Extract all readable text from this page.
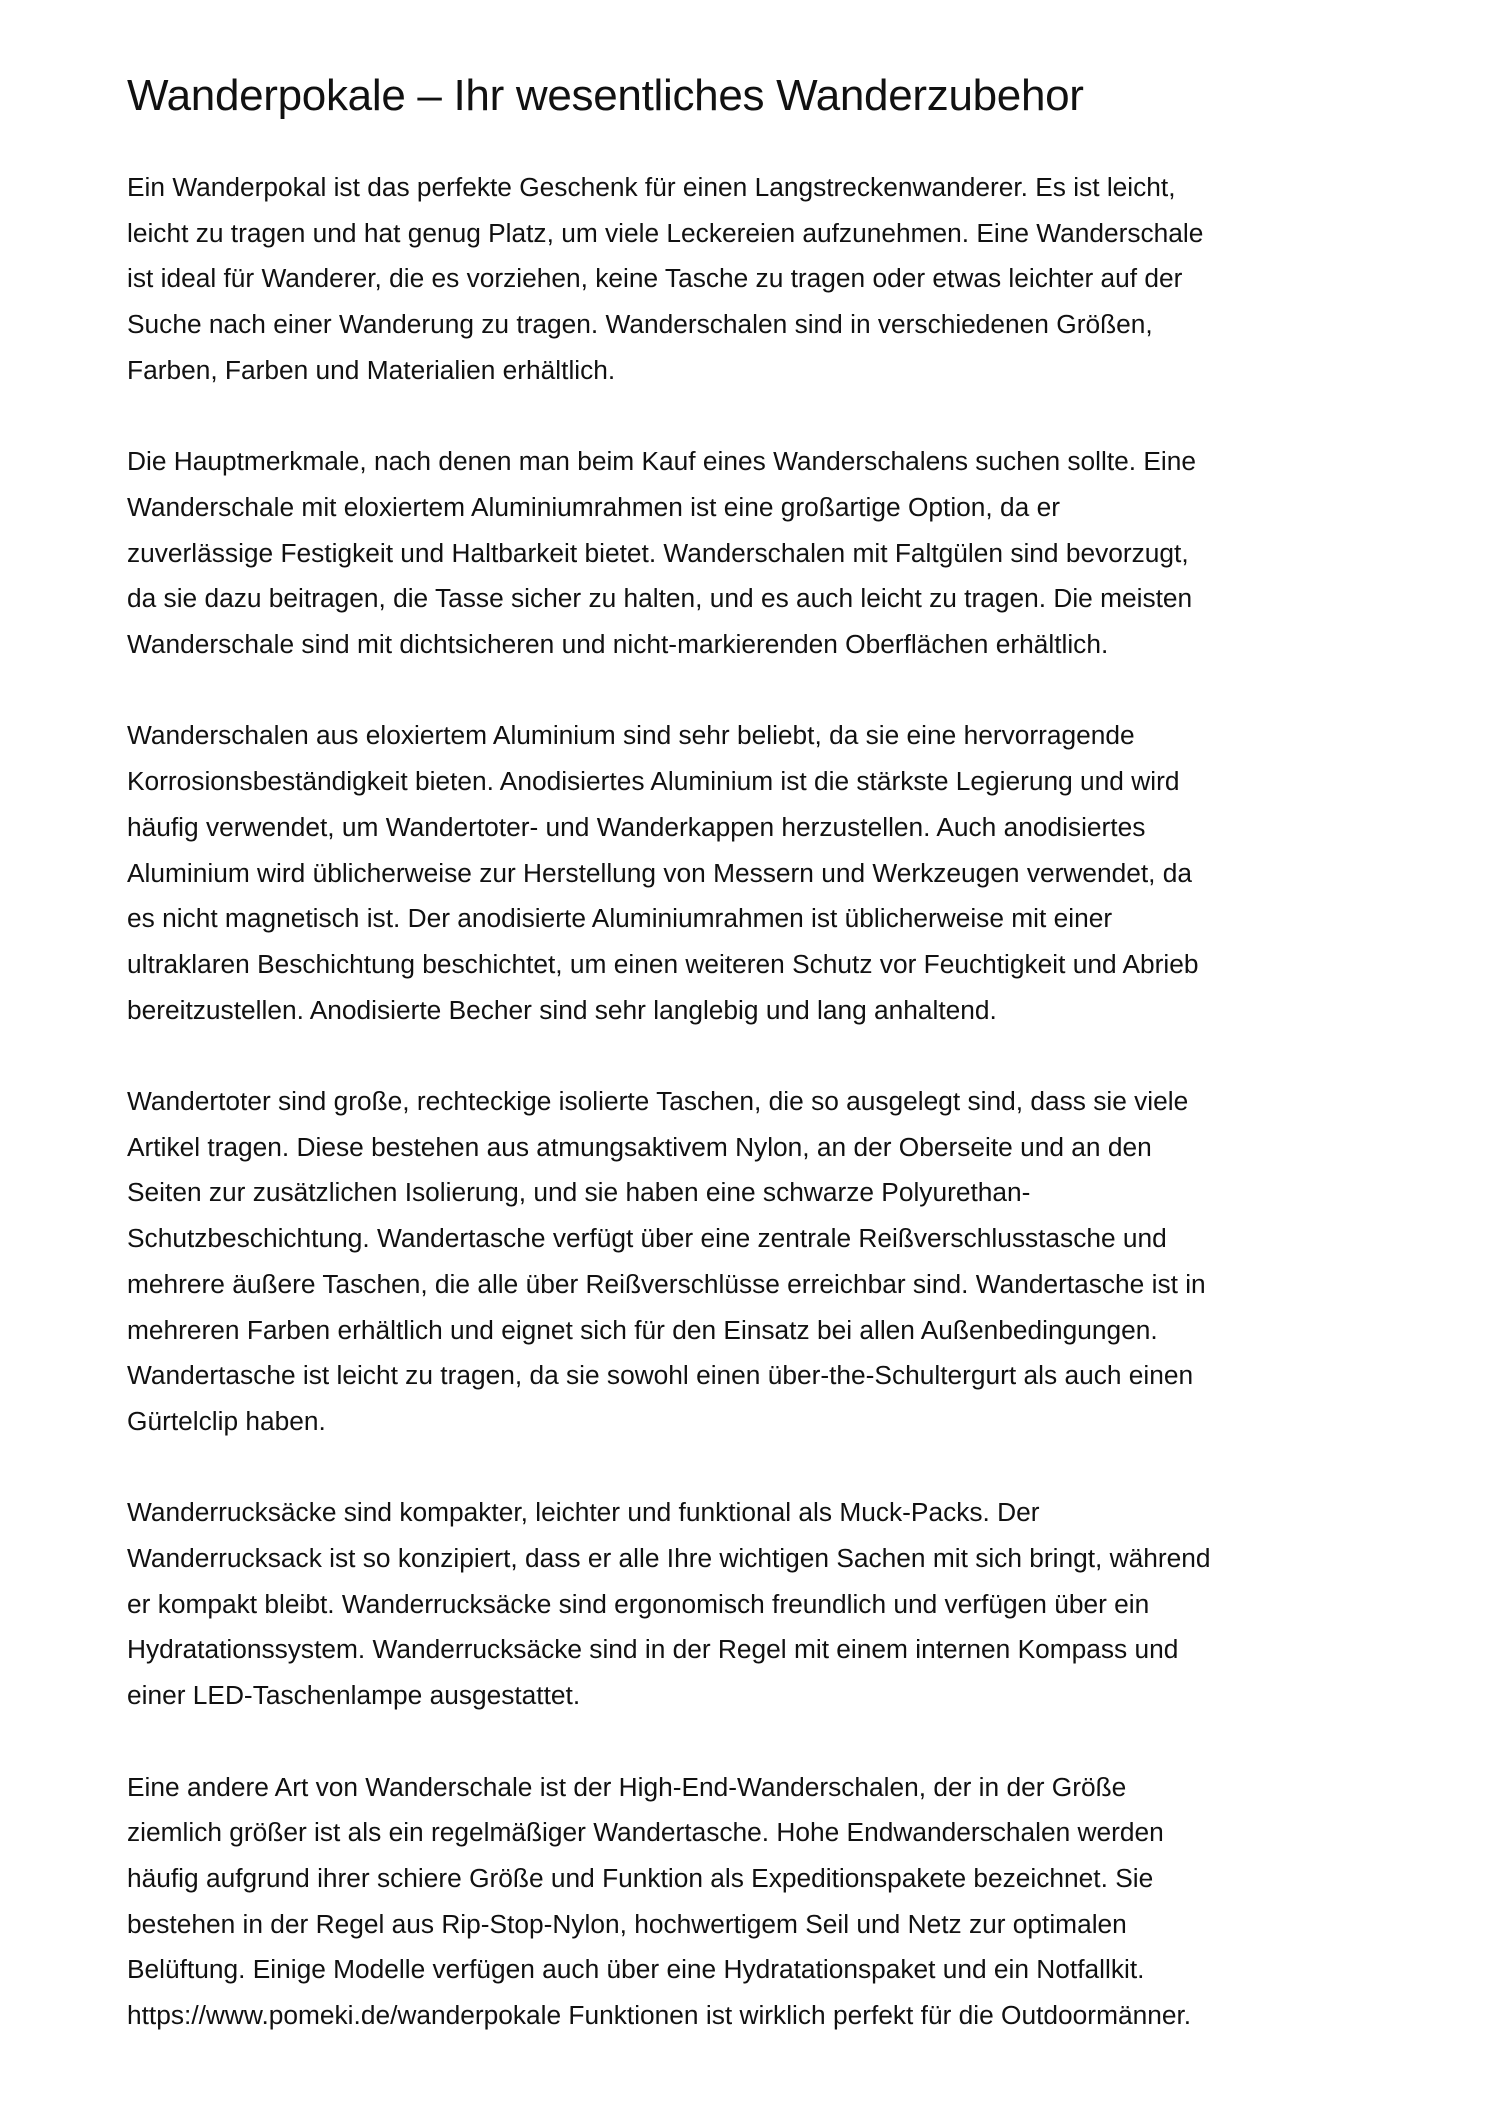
Wanderpokale – Ihr wesentliches Wanderzubehor

Ein Wanderpokal ist das perfekte Geschenk für einen Langstreckenwanderer. Es ist leicht,
leicht zu tragen und hat genug Platz, um viele Leckereien aufzunehmen. Eine Wanderschale
ist ideal für Wanderer, die es vorziehen, keine Tasche zu tragen oder etwas leichter auf der
Suche nach einer Wanderung zu tragen. Wanderschalen sind in verschiedenen Größen,
Farben, Farben und Materialien erhältlich.

Die Hauptmerkmale, nach denen man beim Kauf eines Wanderschalens suchen sollte. Eine
Wanderschale mit eloxiertem Aluminiumrahmen ist eine großartige Option, da er
zuverlässige Festigkeit und Haltbarkeit bietet. Wanderschalen mit Faltgülen sind bevorzugt,
da sie dazu beitragen, die Tasse sicher zu halten, und es auch leicht zu tragen. Die meisten
Wanderschale sind mit dichtsicheren und nicht-markierenden Oberflächen erhältlich.

Wanderschalen aus eloxiertem Aluminium sind sehr beliebt, da sie eine hervorragende
Korrosionsbeständigkeit bieten. Anodisiertes Aluminium ist die stärkste Legierung und wird
häufig verwendet, um Wandertoter- und Wanderkappen herzustellen. Auch anodisiertes
Aluminium wird üblicherweise zur Herstellung von Messern und Werkzeugen verwendet, da
es nicht magnetisch ist. Der anodisierte Aluminiumrahmen ist üblicherweise mit einer
ultraklaren Beschichtung beschichtet, um einen weiteren Schutz vor Feuchtigkeit und Abrieb
bereitzustellen. Anodisierte Becher sind sehr langlebig und lang anhaltend.

Wandertoter sind große, rechteckige isolierte Taschen, die so ausgelegt sind, dass sie viele
Artikel tragen. Diese bestehen aus atmungsaktivem Nylon, an der Oberseite und an den
Seiten zur zusätzlichen Isolierung, und sie haben eine schwarze Polyurethan-
Schutzbeschichtung. Wandertasche verfügt über eine zentrale Reißverschlusstasche und
mehrere äußere Taschen, die alle über Reißverschlüsse erreichbar sind. Wandertasche ist in
mehreren Farben erhältlich und eignet sich für den Einsatz bei allen Außenbedingungen.
Wandertasche ist leicht zu tragen, da sie sowohl einen über-the-Schultergurt als auch einen
Gürtelclip haben.

Wanderrucksäcke sind kompakter, leichter und funktional als Muck-Packs. Der
Wanderrucksack ist so konzipiert, dass er alle Ihre wichtigen Sachen mit sich bringt, während
er kompakt bleibt. Wanderrucksäcke sind ergonomisch freundlich und verfügen über ein
Hydratationssystem. Wanderrucksäcke sind in der Regel mit einem internen Kompass und
einer LED-Taschenlampe ausgestattet.

Eine andere Art von Wanderschale ist der High-End-Wanderschalen, der in der Größe
ziemlich größer ist als ein regelmäßiger Wandertasche. Hohe Endwanderschalen werden
häufig aufgrund ihrer schiere Größe und Funktion als Expeditionspakete bezeichnet. Sie
bestehen in der Regel aus Rip-Stop-Nylon, hochwertigem Seil und Netz zur optimalen
Belüftung. Einige Modelle verfügen auch über eine Hydratationspaket und ein Notfallkit.
https://www.pomeki.de/wanderpokale Funktionen ist wirklich perfekt für die Outdoormänner.
